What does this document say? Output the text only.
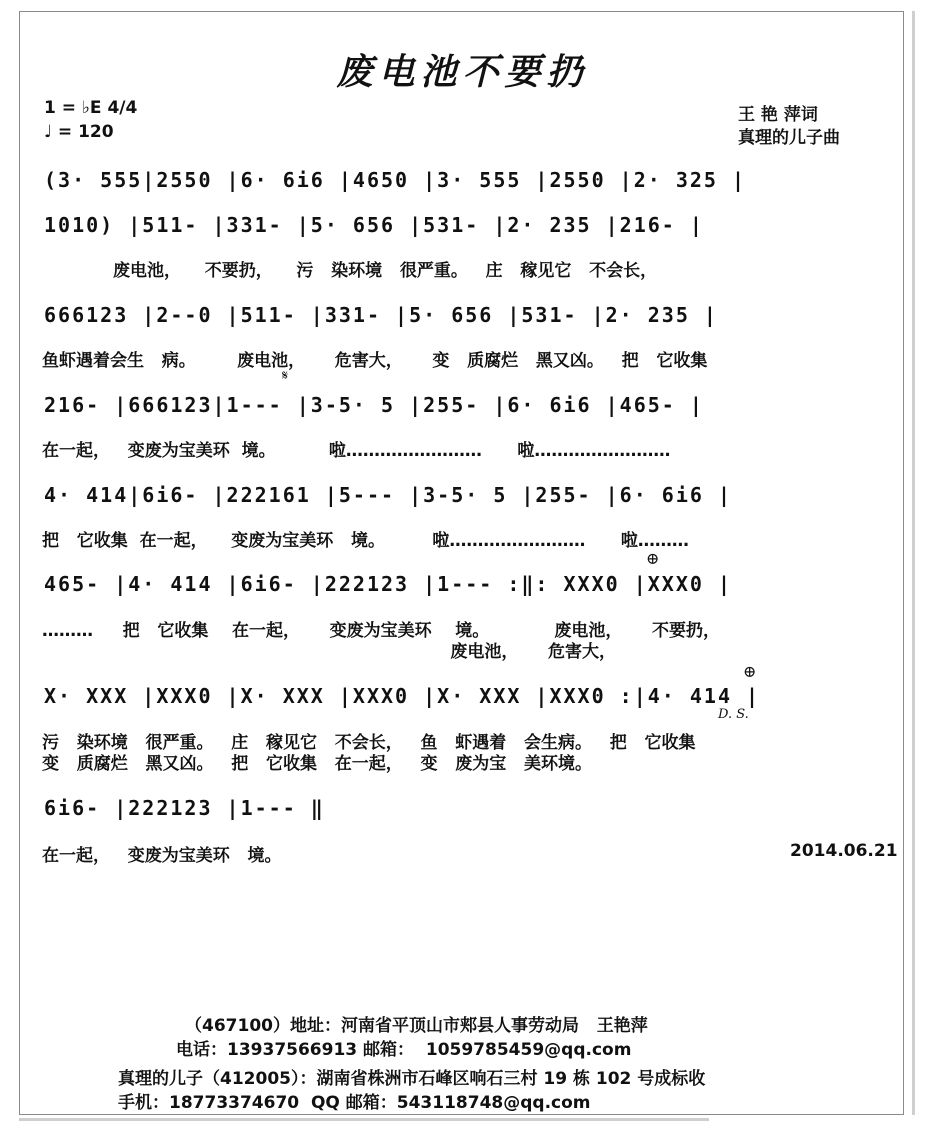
废电池不要扔
1 = ♭E 4/4
♩ = 120
王 艳 萍词
真理的儿子曲
(3· 555|2550 |6· 6i6 |4650 |3· 555 |2550 |2· 325 |
1010) |511- |331- |5· 656 |531- |2· 235 |216- |
废电池，    不要扔，    污   染环境   很严重。   庄   稼见它   不会长，
666123 |2--0 |511- |331- |5· 656 |531- |2· 235 |
鱼虾遇着会生   病。       废电池，     危害大，     变   质腐烂   黑又凶。   把   它收集
𝄋
216- |666123|1--- |3-5· 5 |255- |6· 6i6 |465- |
在一起，   变废为宝美环  境。         啦……………………      啦……………………
4· 414|6i6- |222161 |5--- |3-5· 5 |255- |6· 6i6 |
把   它收集  在一起，    变废为宝美环   境。        啦……………………      啦………
⊕
465- |4· 414 |6i6- |222123 |1--- :‖: XXX0 |XXX0 |
………     把   它收集    在一起，     变废为宝美环    境。           废电池，     不要扔，
废电池，     危害大，
⊕
X· XXX |XXX0 |X· XXX |XXX0 |X· XXX |XXX0 :|4· 414 |
D. S.
污   染环境   很严重。   庄   稼见它   不会长，   鱼   虾遇着   会生病。   把   它收集
变   质腐烂   黑又凶。   把   它收集   在一起，   变   废为宝   美环境。
6i6- |222123 |1--- ‖
在一起，   变废为宝美环   境。	2014.06.21
（467100）地址：河南省平顶山市郏县人事劳动局   王艳萍
电话：13937566913 邮箱：  1059785459@qq.com
真理的儿子（412005）：湖南省株洲市石峰区响石三村 19 栋 102 号成标收
手机：18773374670  QQ 邮箱：543118748@qq.com
